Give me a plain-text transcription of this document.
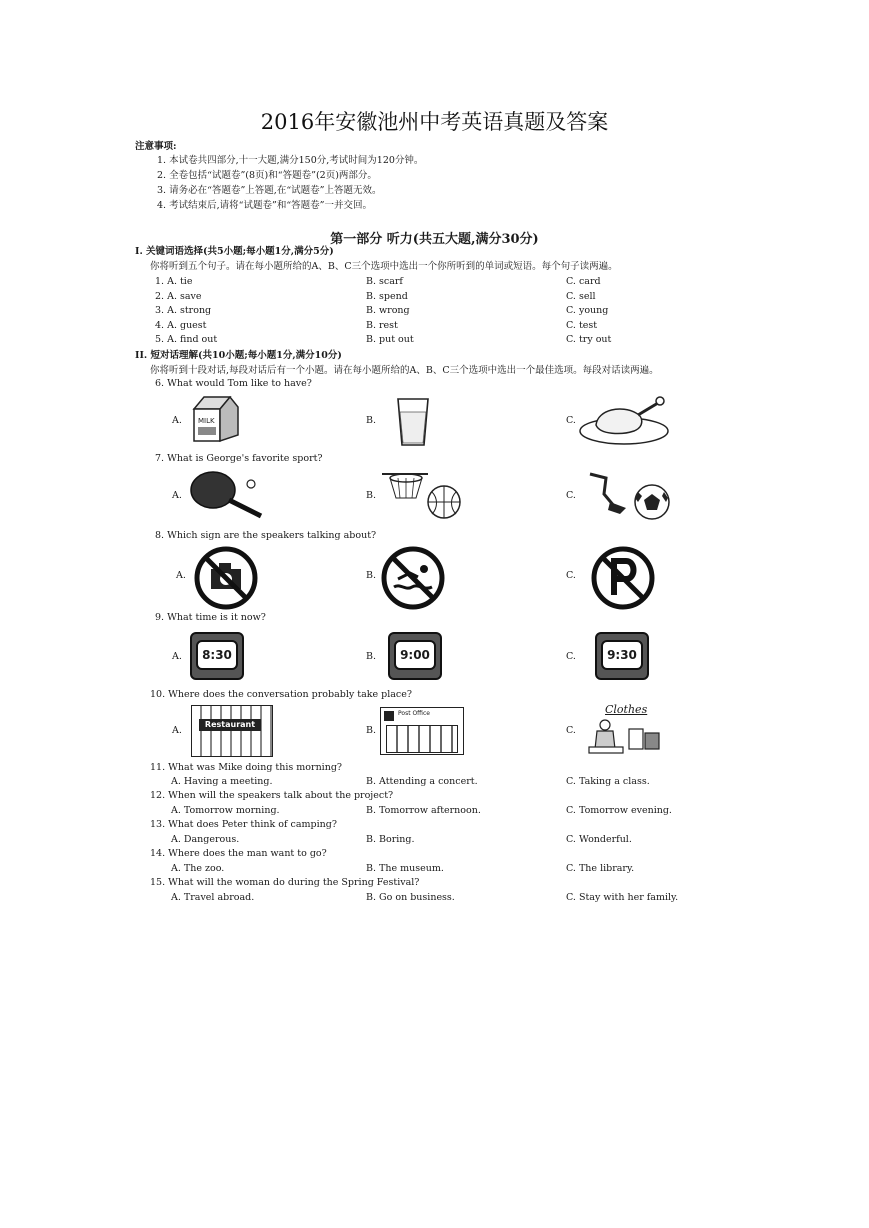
2016年安徽池州中考英语真题及答案
注意事项:
1. 本试卷共四部分,十一大题,满分150分,考试时间为120分钟。
2. 全卷包括“试题卷”(8页)和“答题卷”(2页)两部分。
3. 请务必在“答题卷”上答题,在“试题卷”上答题无效。
4. 考试结束后,请将“试题卷”和“答题卷”一并交回。
第一部分 听力(共五大题,满分30分)
I. 关键词语选择(共5小题;每小题1分,满分5分)
你将听到五个句子。请在每小题所给的A、B、C三个选项中选出一个你所听到的单词或短语。每个句子读两遍。
1. A. tie	B. scarf	C. card
2. A. save	B. spend	C. sell
3. A. strong	B. wrong	C. young
4. A. guest	B. rest	C. test
5. A. find out	B. put out	C. try out
II. 短对话理解(共10小题;每小题1分,满分10分)
你将听到十段对话,每段对话后有一个小题。请在每小题所给的A、B、C三个选项中选出一个最佳选项。每段对话读两遍。
6. What would Tom like to have?
A. MILK	B.	C.
7. What is George's favorite sport?
A.	B.	C.
8. Which sign are the speakers talking about?
A.	B.	C.
9. What time is it now?
A.	8:30	B.	9:00	C.	9:30
10. Where does the conversation probably take place?
A.
Restaurant
B.
Post Office
C.
Clothes
11. What was Mike doing this morning?
A. Having a meeting.	B. Attending a concert.	C. Taking a class.
12. When will the speakers talk about the project?
A. Tomorrow morning.	B. Tomorrow afternoon.	C. Tomorrow evening.
13. What does Peter think of camping?
A. Dangerous.	B. Boring.	C. Wonderful.
14. Where does the man want to go?
A. The zoo.	B. The museum.	C. The library.
15. What will the woman do during the Spring Festival?
A. Travel abroad.	B. Go on business.	C. Stay with her family.
